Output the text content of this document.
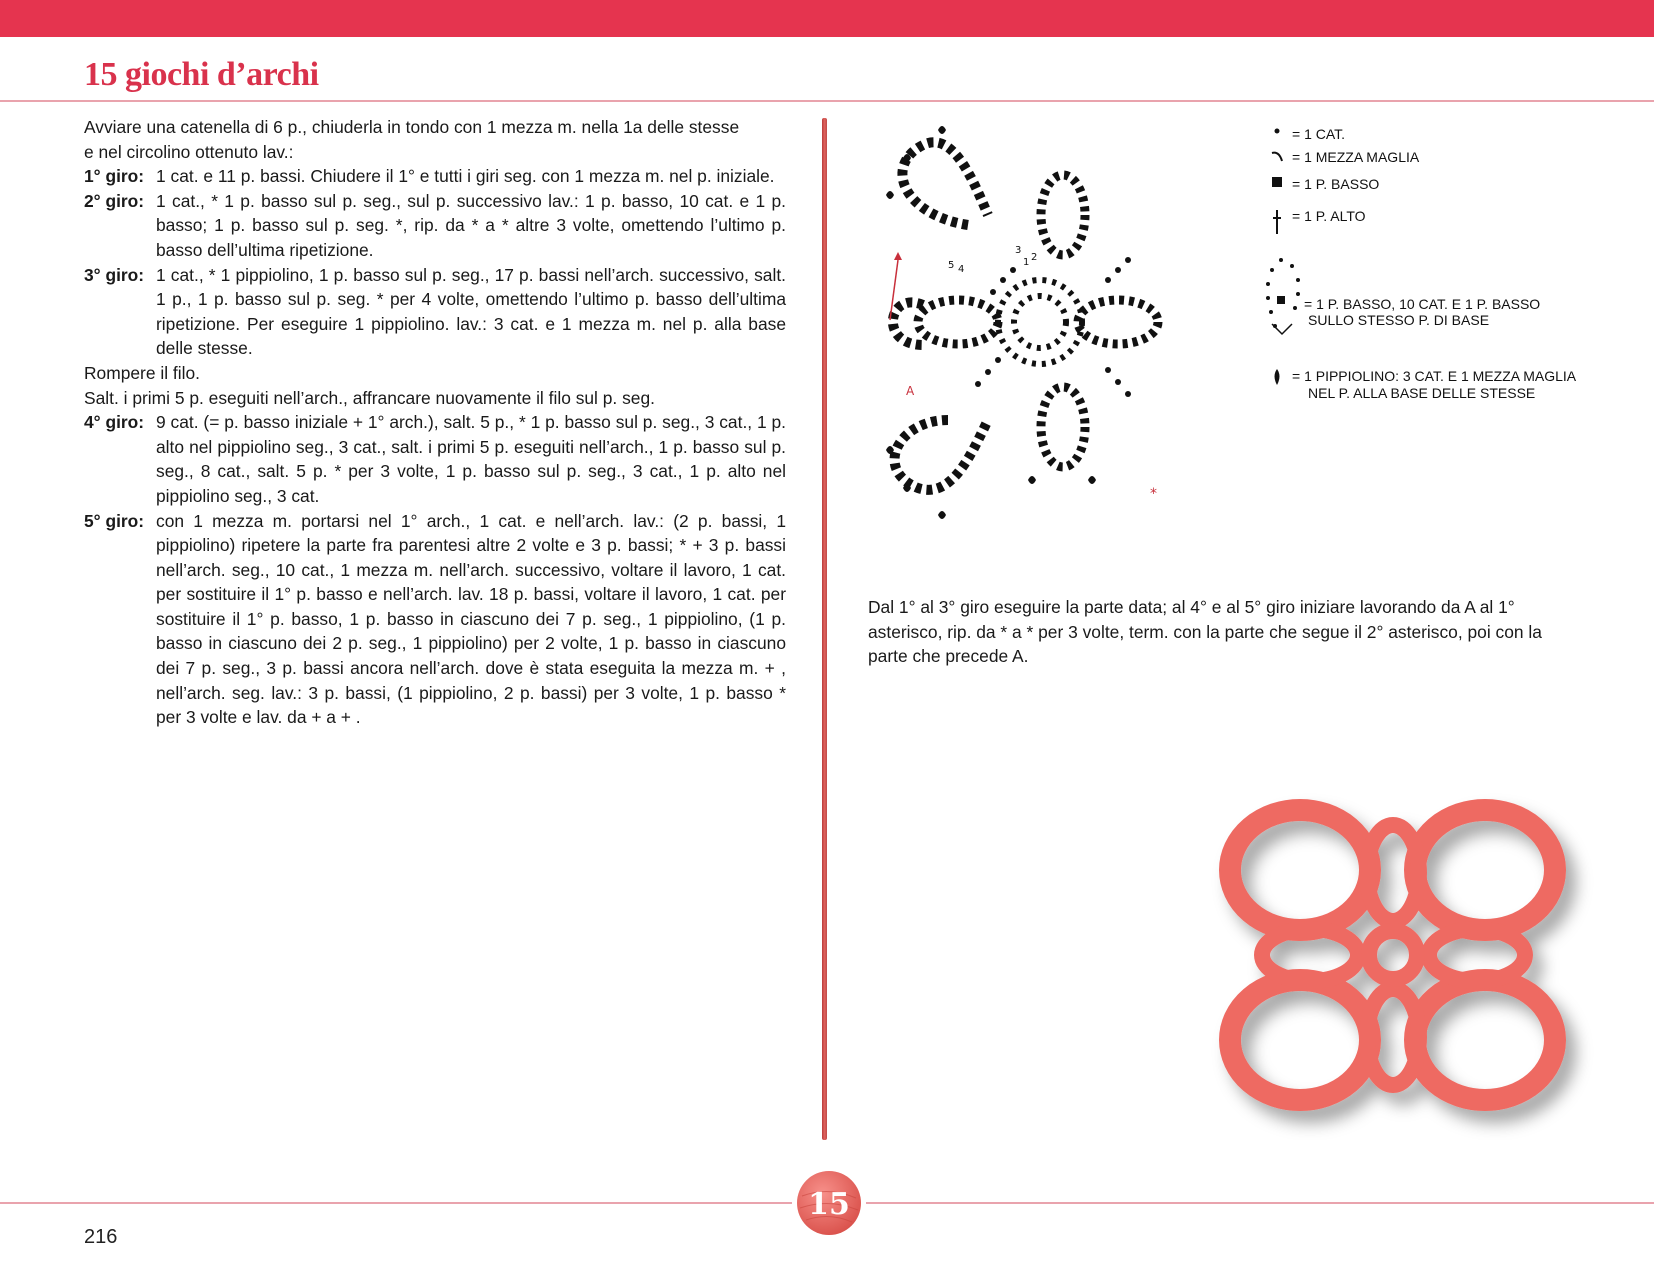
15 giochi d’archi

Avviare una catenella di 6 p., chiuderla in tondo con 1 mezza m. nella 1a delle stesse

e nel circolino ottenuto lav.:

1° giro: 1 cat. e 11 p. bassi. Chiudere il 1° e tutti i giri seg. con 1 mezza m. nel p. iniziale.
2° giro: 1 cat., * 1 p. basso sul p. seg., sul p. successivo lav.: 1 p. basso, 10 cat. e 1 p. basso; 1 p. basso sul p. seg. *, rip. da * a * altre 3 volte, omettendo l’ultimo p. basso dell’ultima ripetizione.
3° giro: 1 cat., * 1 pippiolino, 1 p. basso sul p. seg., 17 p. bassi nell’arch. successivo, salt. 1 p., 1 p. basso sul p. seg. * per 4 volte, omettendo l’ultimo p. basso dell’ultima ripetizione. Per eseguire 1 pippiolino. lav.: 3 cat. e 1 mezza m. nel p. alla base delle stesse.

Rompere il filo.

Salt. i primi 5 p. eseguiti nell’arch., affrancare nuovamente il filo sul p. seg.

4° giro: 9 cat. (= p. basso iniziale + 1° arch.), salt. 5 p., * 1 p. basso sul p. seg., 3 cat., 1 p. alto nel pippiolino seg., 3 cat., salt. i primi 5 p. eseguiti nell’arch., 1 p. basso sul p. seg., 8 cat., salt. 5 p. * per 3 volte, 1 p. basso sul p. seg., 3 cat., 1 p. alto nel pippiolino seg., 3 cat.
5° giro: con 1 mezza m. portarsi nel 1° arch., 1 cat. e nell’arch. lav.: (2 p. bassi, 1 pippiolino) ripetere la parte fra parentesi altre 2 volte e 3 p. bassi; * + 3 p. bassi nell’arch. seg., 10 cat., 1 mezza m. nell’arch. successivo, voltare il lavoro, 1 cat. per sostituire il 1° p. basso e nell’arch. lav. 18 p. bassi, voltare il lavoro, 1 cat. per sostituire il 1° p. basso, 1 p. basso in ciascuno dei 7 p. seg., 1 pippiolino, (1 p. basso in ciascuno dei 2 p. seg., 1 pippiolino) per 2 volte, 1 p. basso in ciascuno dei 7 p. seg., 3 p. bassi ancora nell’arch. dove è stata eseguita la mezza m. + , nell’arch. seg. lav.: 3 p. bassi, (1 pippiolino, 2 p. bassi) per 3 volte, 1 p. basso * per 3 volte e lav. da + a + .
A
*
1 2
3
4
5
= 1 CAT.
= 1 MEZZA MAGLIA
= 1 P. BASSO
= 1 P. ALTO
= 1 P. BASSO, 10 CAT. E 1 P. BASSO
SULLO STESSO P. DI BASE
= 1 PIPPIOLINO: 3 CAT. E 1 MEZZA MAGLIA
NEL P. ALLA BASE DELLE STESSE

Dal 1° al 3° giro eseguire la parte data; al 4° e al 5° giro iniziare lavorando da A al 1° asterisco, rip. da * a * per 3 volte, term. con la parte che segue il 2° asterisco, poi con la parte che precede A.

15
216
